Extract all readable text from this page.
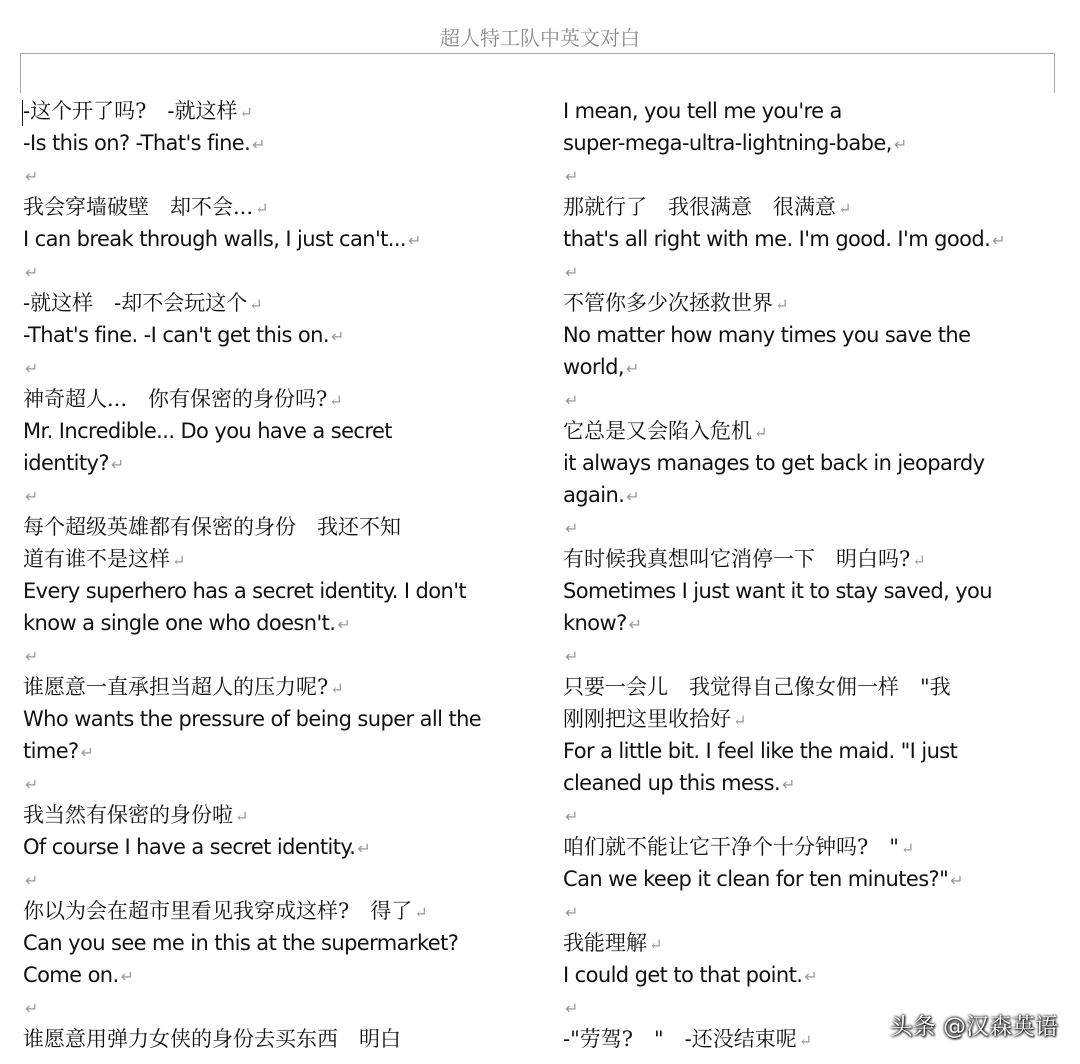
超人特工队中英文对白
-这个开了吗?　-就这样 ↵
-Is this on? -That's fine. ↵
↵
我会穿墙破壁　却不会... ↵
I can break through walls, I just can't... ↵
↵
-就这样　-却不会玩这个 ↵
-That's fine. -I can't get this on. ↵
↵
神奇超人...　你有保密的身份吗? ↵
Mr. Incredible... Do you have a secret
identity? ↵
↵
每个超级英雄都有保密的身份　我还不知
道有谁不是这样 ↵
Every superhero has a secret identity. I don't
know a single one who doesn't. ↵
↵
谁愿意一直承担当超人的压力呢? ↵
Who wants the pressure of being super all the
time? ↵
↵
我当然有保密的身份啦 ↵
Of course I have a secret identity. ↵
↵
你以为会在超市里看见我穿成这样?　得了 ↵
Can you see me in this at the supermarket?
Come on. ↵
↵
谁愿意用弹力女侠的身份去买东西　明白
I mean, you tell me you're a
super-mega-ultra-lightning-babe, ↵
↵
那就行了　我很满意　很满意 ↵
that's all right with me. I'm good. I'm good. ↵
↵
不管你多少次拯救世界 ↵
No matter how many times you save the
world, ↵
↵
它总是又会陷入危机 ↵
it always manages to get back in jeopardy
again. ↵
↵
有时候我真想叫它消停一下　明白吗? ↵
Sometimes I just want it to stay saved, you
know? ↵
↵
只要一会儿　我觉得自己像女佣一样　"我
刚刚把这里收拾好 ↵
For a little bit. I feel like the maid. "I just
cleaned up this mess. ↵
↵
咱们就不能让它干净个十分钟吗?　" ↵
Can we keep it clean for ten minutes?" ↵
↵
我能理解 ↵
I could get to that point. ↵
↵
-"劳驾?　"　-还没结束呢 ↵
头条 @汉森英语
